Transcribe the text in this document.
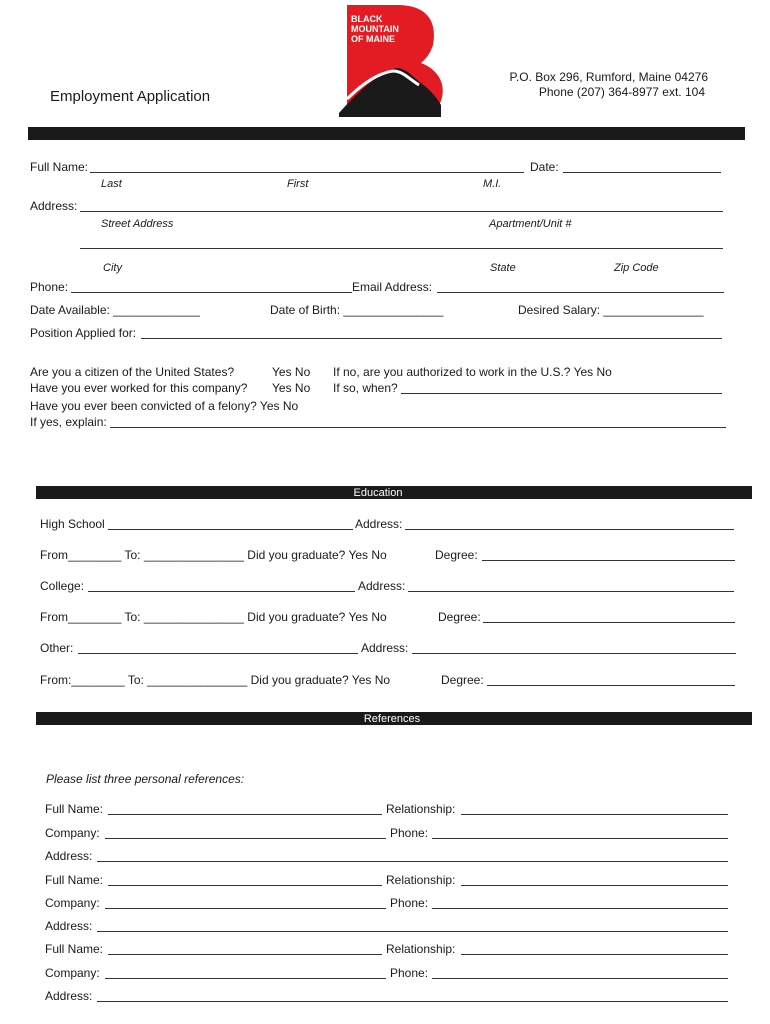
BLACK
MOUNTAIN
OF MAINE
Employment Application
P.O. Box 296, Rumford, Maine 04276
Phone (207) 364-8977 ext. 104
Full Name:	Date:
Last	First	M.I.
Address:
Street Address	Apartment/Unit #
City	State	Zip Code
Phone:	Email Address:
Date Available: _____________	Date of Birth: _______________	Desired Salary: _______________
Position Applied for:
Are you a citizen of the United States?	Yes No If no, are you authorized to work in the U.S.? Yes No
Have you ever worked for this company? Yes No If so, when?
Have you ever been convicted of a felony? Yes No
If yes, explain:
Education
High School	Address:
From________ To: _______________ Did you graduate? Yes No	Degree:
College:	Address:
From________ To: _______________ Did you graduate? Yes No	Degree:
Other:	Address:
From:________ To: _______________ Did you graduate? Yes No	Degree:
References
Please list three personal references:
Full Name:	Relationship:
Company:	Phone:
Address:
Full Name:	Relationship:
Company:	Phone:
Address:
Full Name:	Relationship:
Company:	Phone:
Address:
